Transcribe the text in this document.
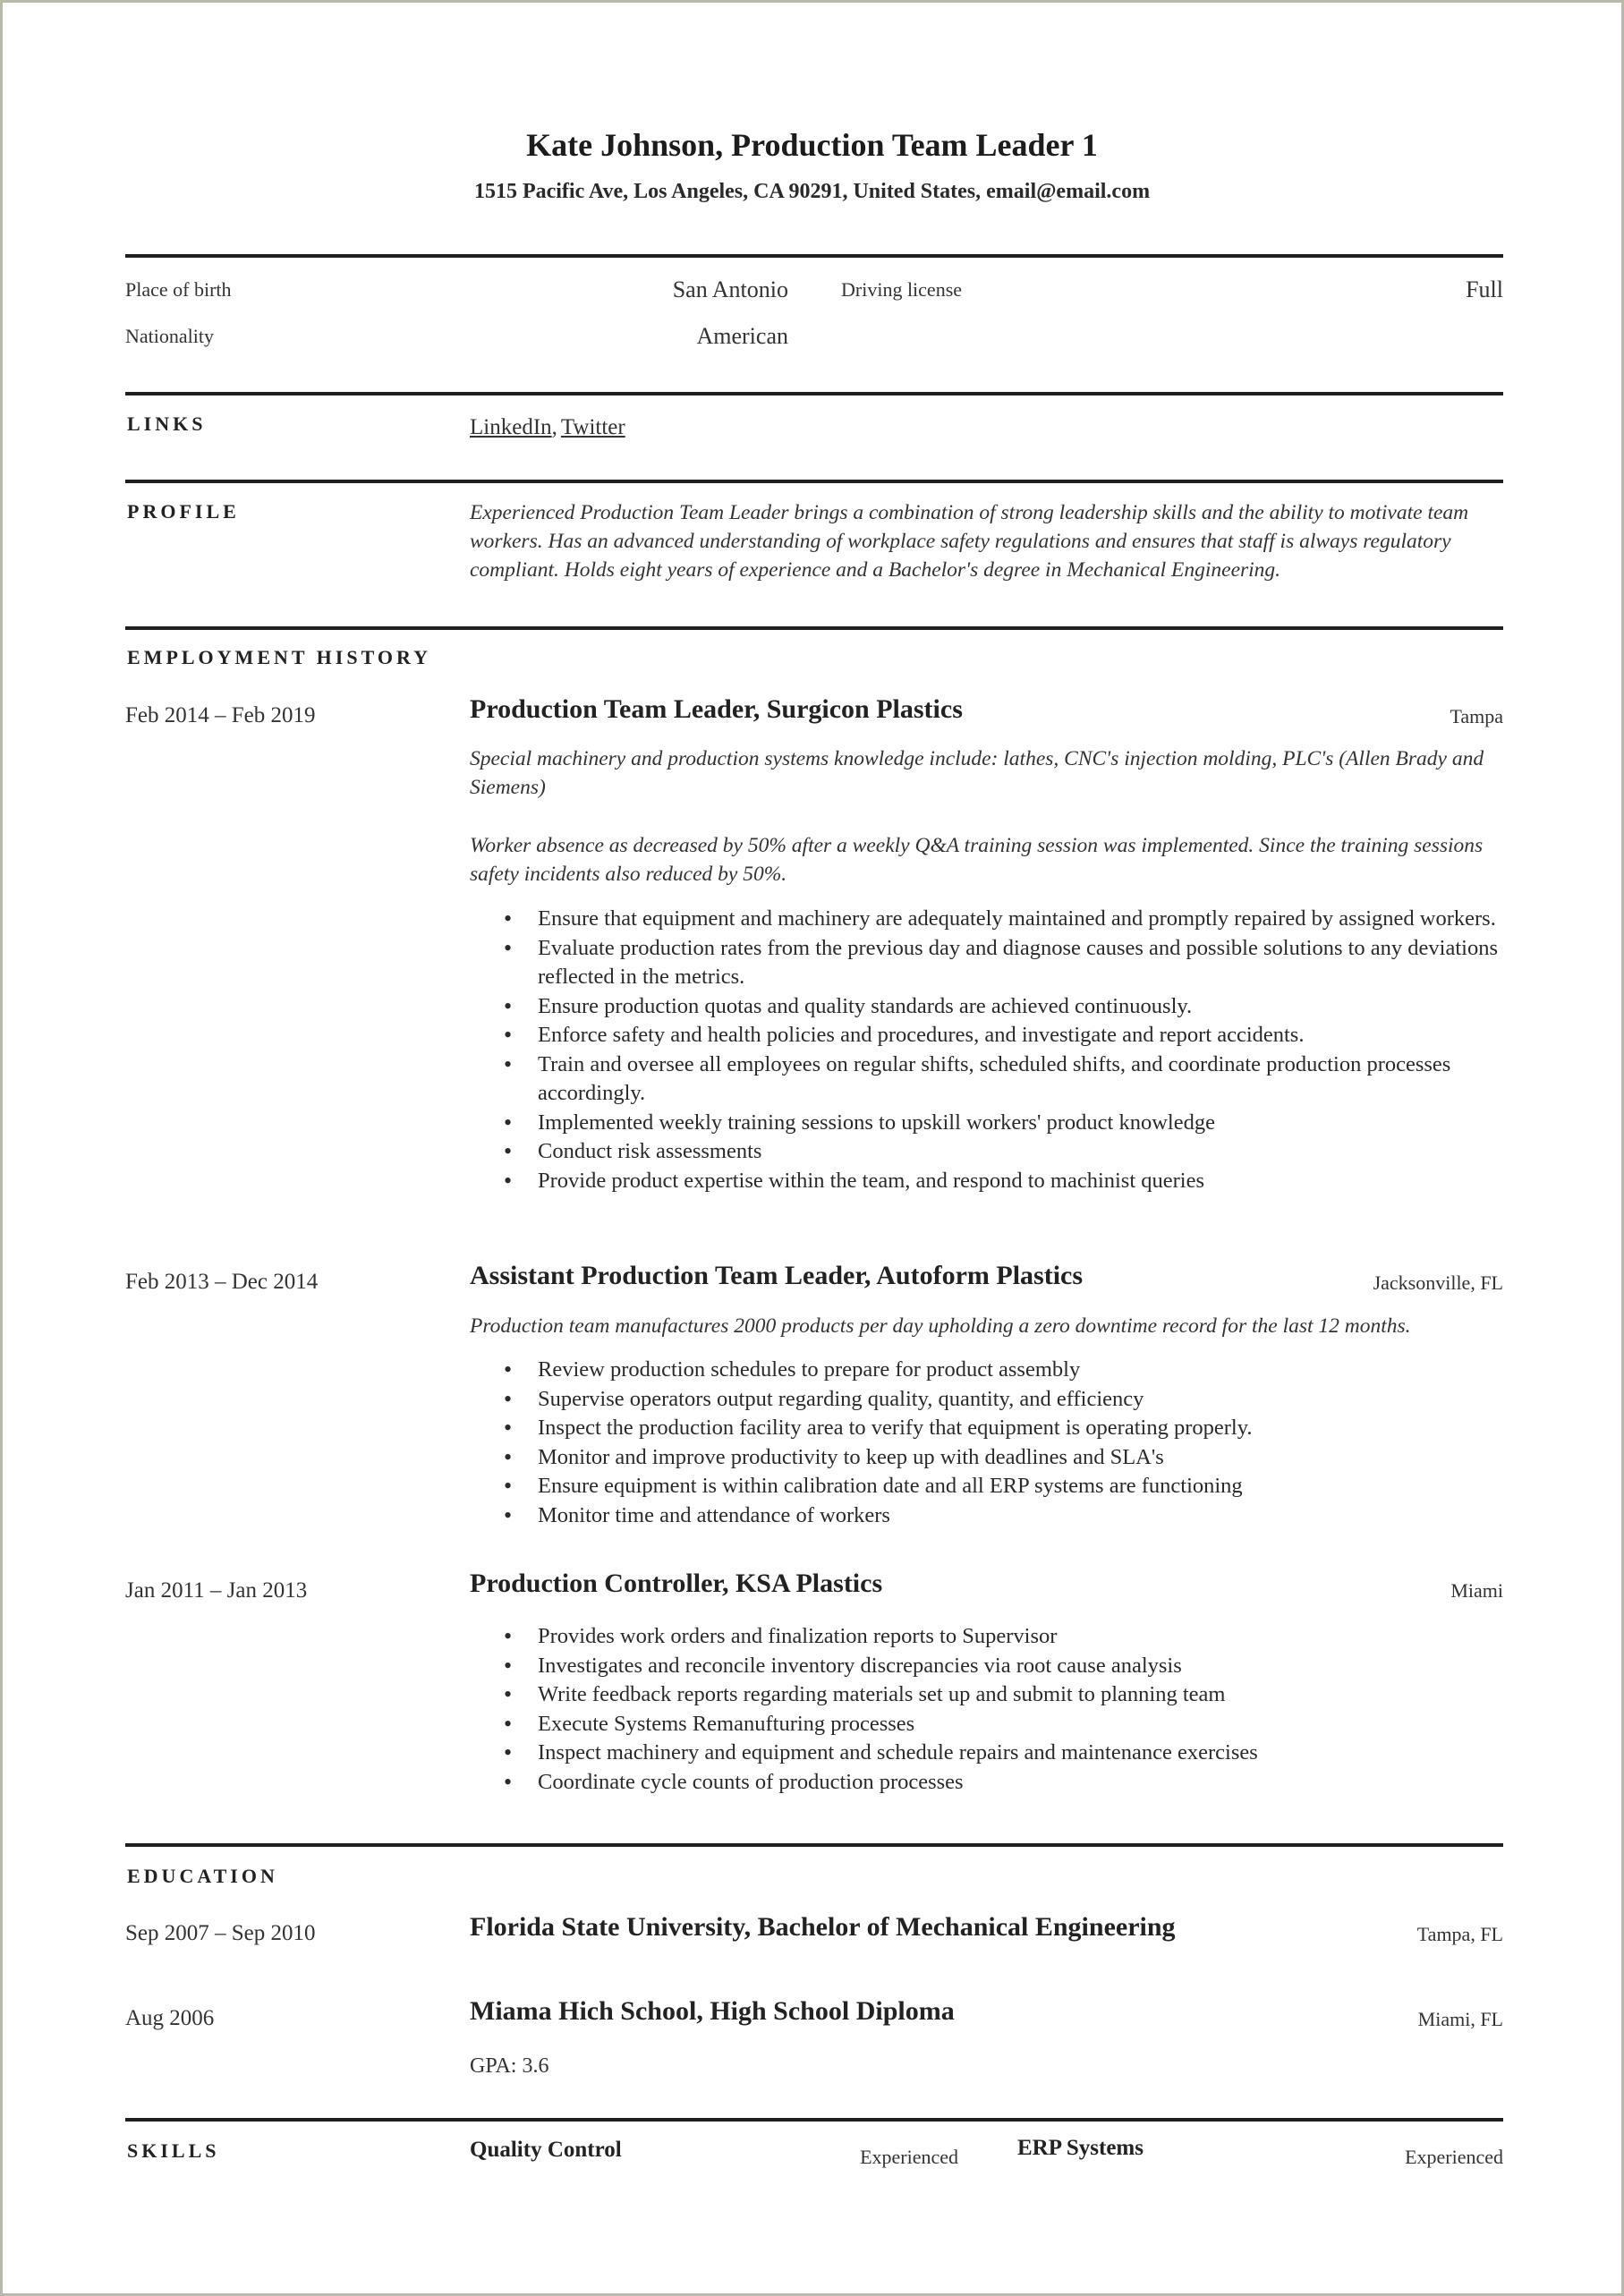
Kate Johnson, Production Team Leader 1
1515 Pacific Ave, Los Angeles, CA 90291, United States, email@email.com
Place of birth	San Antonio	Driving license	Full
Nationality	American
LINKS	LinkedIn, Twitter
PROFILE	Experienced Production Team Leader brings a combination of strong leadership skills and the ability to motivate team workers. Has an advanced understanding of workplace safety regulations and ensures that staff is always regulatory compliant. Holds eight years of experience and a Bachelor's degree in Mechanical Engineering.
EMPLOYMENT HISTORY
Feb 2014 – Feb 2019	Production Team Leader, Surgicon Plastics	Tampa
Special machinery and production systems knowledge include: lathes, CNC's injection molding, PLC's (Allen Brady and Siemens)
Worker absence as decreased by 50% after a weekly Q&A training session was implemented. Since the training sessions safety incidents also reduced by 50%.
• Ensure that equipment and machinery are adequately maintained and promptly repaired by assigned workers.
• Evaluate production rates from the previous day and diagnose causes and possible solutions to any deviations reflected in the metrics.
• Ensure production quotas and quality standards are achieved continuously.
• Enforce safety and health policies and procedures, and investigate and report accidents.
• Train and oversee all employees on regular shifts, scheduled shifts, and coordinate production processes accordingly.
• Implemented weekly training sessions to upskill workers' product knowledge
• Conduct risk assessments
• Provide product expertise within the team, and respond to machinist queries
Feb 2013 – Dec 2014	Assistant Production Team Leader, Autoform Plastics	Jacksonville, FL
Production team manufactures 2000 products per day upholding a zero downtime record for the last 12 months.
• Review production schedules to prepare for product assembly
• Supervise operators output regarding quality, quantity, and efficiency
• Inspect the production facility area to verify that equipment is operating properly.
• Monitor and improve productivity to keep up with deadlines and SLA's
• Ensure equipment is within calibration date and all ERP systems are functioning
• Monitor time and attendance of workers
Jan 2011 – Jan 2013	Production Controller, KSA Plastics	Miami
• Provides work orders and finalization reports to Supervisor
• Investigates and reconcile inventory discrepancies via root cause analysis
• Write feedback reports regarding materials set up and submit to planning team
• Execute Systems Remanufturing processes
• Inspect machinery and equipment and schedule repairs and maintenance exercises
• Coordinate cycle counts of production processes
EDUCATION
Sep 2007 – Sep 2010	Florida State University, Bachelor of Mechanical Engineering	Tampa, FL
Aug 2006	Miama Hich School, High School Diploma	Miami, FL
GPA: 3.6
SKILLS	Quality Control	Experienced	ERP Systems	Experienced
